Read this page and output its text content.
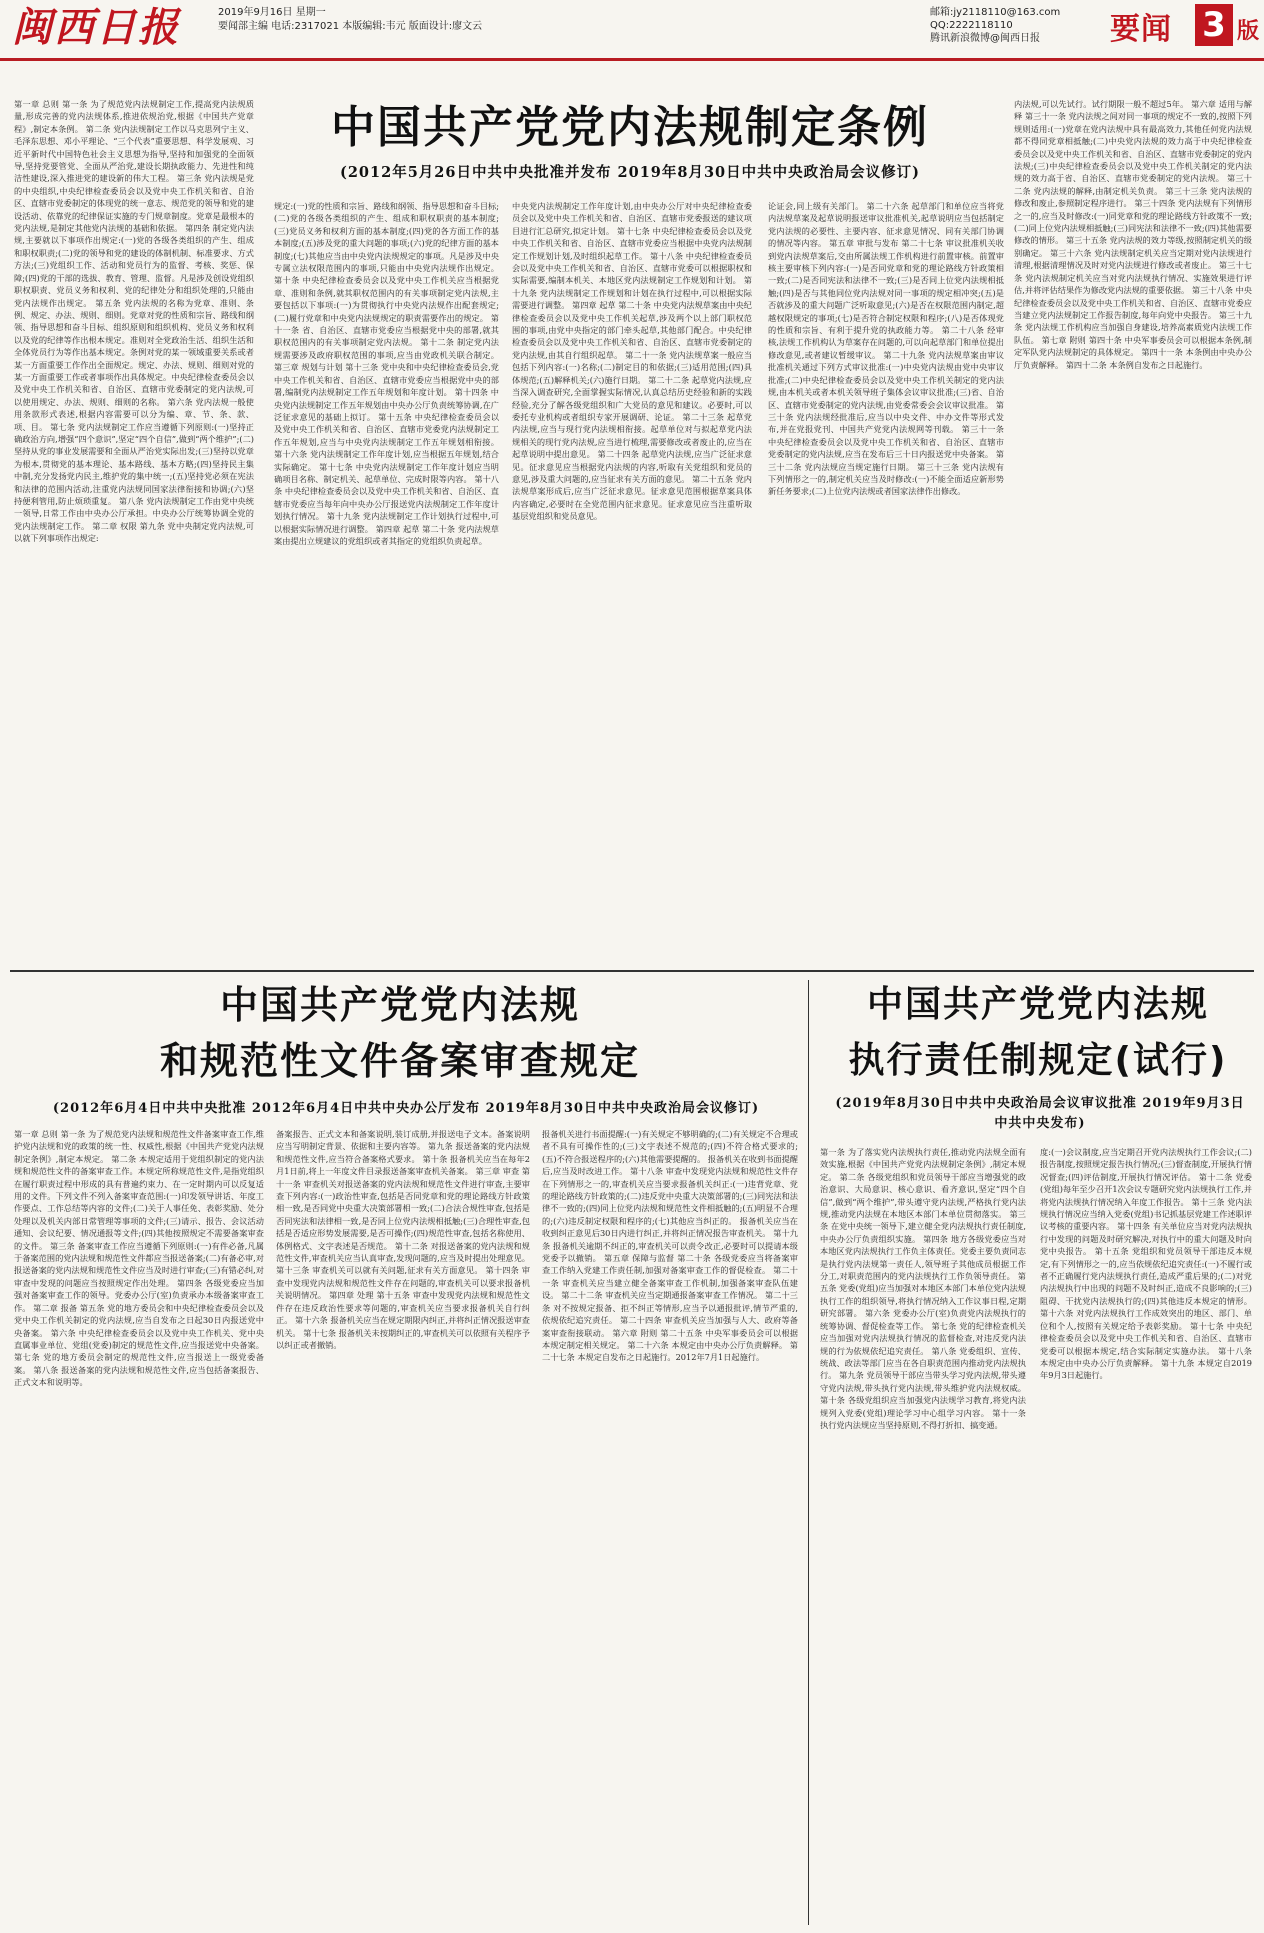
闽西日报	2019年9月16日 星期一
要闻部主编 电话:2317021 本版编辑:韦元 版面设计:廖文云
邮箱:jy2118110@163.com
QQ:2222118110
腾讯新浪微博@闽西日报	要闻 3 版
中国共产党党内法规制定条例
(2012年5月26日中共中央批准并发布 2019年8月30日中共中央政治局会议修订)
第一章 总则 第一条 为了规范党内法规制定工作,提高党内法规质量,形成完善的党内法规体系,推进依规治党,根据《中国共产党章程》,制定本条例。 第二条 党内法规制定工作以马克思列宁主义、毛泽东思想、邓小平理论、“三个代表”重要思想、科学发展观、习近平新时代中国特色社会主义思想为指导,坚持和加强党的全面领导,坚持党要管党、全面从严治党,建设长期执政能力、先进性和纯洁性建设,深入推进党的建设新的伟大工程。 第三条 党内法规是党的中央组织,中央纪律检查委员会以及党中央工作机关和省、自治区、直辖市党委制定的体现党的统一意志、规范党的领导和党的建设活动、依靠党的纪律保证实施的专门规章制度。党章是最根本的党内法规,是制定其他党内法规的基础和依据。 第四条 制定党内法规,主要就以下事项作出规定:(一)党的各级各类组织的产生、组成和职权职责;(二)党的领导和党的建设的体制机制、标准要求、方式方法;(三)党组织工作、活动和党员行为的监督、考核、奖惩、保障;(四)党的干部的选拔、教育、管理、监督。凡是涉及创设党组织职权职责、党员义务和权利、党的纪律处分和组织处理的,只能由党内法规作出规定。 第五条 党内法规的名称为党章、准则、条例、规定、办法、规则、细则。党章对党的性质和宗旨、路线和纲领、指导思想和奋斗目标、组织原则和组织机构、党员义务和权利以及党的纪律等作出根本规定。准则对全党政治生活、组织生活和全体党员行为等作出基本规定。条例对党的某一领域重要关系或者某一方面重要工作作出全面规定。规定、办法、规则、细则对党的某一方面重要工作或者事项作出具体规定。中央纪律检查委员会以及党中央工作机关和省、自治区、直辖市党委制定的党内法规,可以使用规定、办法、规则、细则的名称。 第六条 党内法规一般使用条款形式表述,根据内容需要可以分为编、章、节、条、款、项、目。 第七条 党内法规制定工作应当遵循下列原则:(一)坚持正确政治方向,增强“四个意识”,坚定“四个自信”,做到“两个维护”;(二)坚持从党的事业发展需要和全面从严治党实际出发;(三)坚持以党章为根本,贯彻党的基本理论、基本路线、基本方略;(四)坚持民主集中制,充分发扬党内民主,维护党的集中统一;(五)坚持党必须在宪法和法律的范围内活动,注重党内法规同国家法律衔接和协调;(六)坚持便利管用,防止烦琐重复。 第八条 党内法规制定工作由党中央统一领导,日常工作由中央办公厅承担。中央办公厅统筹协调全党的党内法规制定工作。 第二章 权限 第九条 党中央制定党内法规,可以就下列事项作出规定:
规定:(一)党的性质和宗旨、路线和纲领、指导思想和奋斗目标;(二)党的各级各类组织的产生、组成和职权职责的基本制度;(三)党员义务和权利方面的基本制度;(四)党的各方面工作的基本制度;(五)涉及党的重大问题的事项;(六)党的纪律方面的基本制度;(七)其他应当由中央党内法规规定的事项。凡是涉及中央专属立法权限范围内的事项,只能由中央党内法规作出规定。 第十条 中央纪律检查委员会以及党中央工作机关应当根据党章、准则和条例,就其职权范围内的有关事项制定党内法规,主要包括以下事项:(一)为贯彻执行中央党内法规作出配套规定;(二)履行党章和中央党内法规规定的职责需要作出的规定。 第十一条 省、自治区、直辖市党委应当根据党中央的部署,就其职权范围内的有关事项制定党内法规。 第十二条 制定党内法规需要涉及政府职权范围的事项,应当由党政机关联合制定。 第三章 规划与计划 第十三条 党中央和中央纪律检查委员会,党中央工作机关和省、自治区、直辖市党委应当根据党中央的部署,编制党内法规制定工作五年规划和年度计划。 第十四条 中央党内法规制定工作五年规划由中央办公厅负责统筹协调,在广泛征求意见的基础上拟订。 第十五条 中央纪律检查委员会以及党中央工作机关和省、自治区、直辖市党委党内法规制定工作五年规划,应当与中央党内法规制定工作五年规划相衔接。 第十六条 党内法规制定工作年度计划,应当根据五年规划,结合实际确定。 第十七条 中央党内法规制定工作年度计划应当明确项目名称、制定机关、起草单位、完成时限等内容。 第十八条 中央纪律检查委员会以及党中央工作机关和省、自治区、直辖市党委应当每年向中央办公厅报送党内法规制定工作年度计划执行情况。 第十九条 党内法规制定工作计划执行过程中,可以根据实际情况进行调整。 第四章 起草 第二十条 党内法规草案由提出立规建议的党组织或者其指定的党组织负责起草。
中央党内法规制定工作年度计划,由中央办公厅对中央纪律检查委员会以及党中央工作机关和省、自治区、直辖市党委报送的建议项目进行汇总研究,拟定计划。 第十七条 中央纪律检查委员会以及党中央工作机关和省、自治区、直辖市党委应当根据中央党内法规制定工作规划计划,及时组织起草工作。 第十八条 中央纪律检查委员会以及党中央工作机关和省、自治区、直辖市党委可以根据职权和实际需要,编制本机关、本地区党内法规制定工作规划和计划。 第十九条 党内法规制定工作规划和计划在执行过程中,可以根据实际需要进行调整。 第四章 起草 第二十条 中央党内法规草案由中央纪律检查委员会以及党中央工作机关起草,涉及两个以上部门职权范围的事项,由党中央指定的部门牵头起草,其他部门配合。中央纪律检查委员会以及党中央工作机关和省、自治区、直辖市党委制定的党内法规,由其自行组织起草。 第二十一条 党内法规草案一般应当包括下列内容:(一)名称;(二)制定目的和依据;(三)适用范围;(四)具体规范;(五)解释机关;(六)施行日期。 第二十二条 起草党内法规,应当深入调查研究,全面掌握实际情况,认真总结历史经验和新的实践经验,充分了解各级党组织和广大党员的意见和建议。必要时,可以委托专业机构或者组织专家开展调研、论证。 第二十三条 起草党内法规,应当与现行党内法规相衔接。起草单位对与拟起草党内法规相关的现行党内法规,应当进行梳理,需要修改或者废止的,应当在起草说明中提出意见。 第二十四条 起草党内法规,应当广泛征求意见。征求意见应当根据党内法规的内容,听取有关党组织和党员的意见,涉及重大问题的,应当征求有关方面的意见。 第二十五条 党内法规草案形成后,应当广泛征求意见。征求意见范围根据草案具体内容确定,必要时在全党范围内征求意见。征求意见应当注重听取基层党组织和党员意见。
论证会,同上级有关部门。 第二十六条 起草部门和单位应当将党内法规草案及起草说明报送审议批准机关,起草说明应当包括制定党内法规的必要性、主要内容、征求意见情况、同有关部门协调的情况等内容。 第五章 审批与发布 第二十七条 审议批准机关收到党内法规草案后,交由所属法规工作机构进行前置审核。前置审核主要审核下列内容:(一)是否同党章和党的理论路线方针政策相一致;(二)是否同宪法和法律不一致;(三)是否同上位党内法规相抵触;(四)是否与其他同位党内法规对同一事项的规定相冲突;(五)是否就涉及的重大问题广泛听取意见;(六)是否在权限范围内制定,超越权限规定的事项;(七)是否符合制定权限和程序;(八)是否体现党的性质和宗旨、有利于提升党的执政能力等。 第二十八条 经审核,法规工作机构认为草案存在问题的,可以向起草部门和单位提出修改意见,或者建议暂缓审议。 第二十九条 党内法规草案由审议批准机关通过下列方式审议批准:(一)中央党内法规由党中央审议批准;(二)中央纪律检查委员会以及党中央工作机关制定的党内法规,由本机关或者本机关领导班子集体会议审议批准;(三)省、自治区、直辖市党委制定的党内法规,由党委常委会会议审议批准。 第三十条 党内法规经批准后,应当以中央文件、中办文件等形式发布,并在党报党刊、中国共产党党内法规网等刊载。 第三十一条 中央纪律检查委员会以及党中央工作机关和省、自治区、直辖市党委制定的党内法规,应当在发布后三十日内报送党中央备案。 第三十二条 党内法规应当规定施行日期。 第三十三条 党内法规有下列情形之一的,制定机关应当及时修改:(一)不能全面适应新形势新任务要求;(二)上位党内法规或者国家法律作出修改。
内法规,可以先试行。试行期限一般不超过5年。 第六章 适用与解释 第三十一条 党内法规之间对同一事项的规定不一致的,按照下列规则适用:(一)党章在党内法规中具有最高效力,其他任何党内法规都不得同党章相抵触;(二)中央党内法规的效力高于中央纪律检查委员会以及党中央工作机关和省、自治区、直辖市党委制定的党内法规;(三)中央纪律检查委员会以及党中央工作机关制定的党内法规的效力高于省、自治区、直辖市党委制定的党内法规。 第三十二条 党内法规的解释,由制定机关负责。 第三十三条 党内法规的修改和废止,参照制定程序进行。 第三十四条 党内法规有下列情形之一的,应当及时修改:(一)同党章和党的理论路线方针政策不一致;(二)同上位党内法规相抵触;(三)同宪法和法律不一致;(四)其他需要修改的情形。 第三十五条 党内法规的效力等级,按照制定机关的级别确定。 第三十六条 党内法规制定机关应当定期对党内法规进行清理,根据清理情况及时对党内法规进行修改或者废止。 第三十七条 党内法规制定机关应当对党内法规执行情况、实施效果进行评估,并将评估结果作为修改党内法规的重要依据。 第三十八条 中央纪律检查委员会以及党中央工作机关和省、自治区、直辖市党委应当建立党内法规制定工作报告制度,每年向党中央报告。 第三十九条 党内法规工作机构应当加强自身建设,培养高素质党内法规工作队伍。 第七章 附则 第四十条 中央军事委员会可以根据本条例,制定军队党内法规制定的具体规定。 第四十一条 本条例由中央办公厅负责解释。 第四十二条 本条例自发布之日起施行。
中国共产党党内法规
和规范性文件备案审查规定
(2012年6月4日中共中央批准 2012年6月4日中共中央办公厅发布 2019年8月30日中共中央政治局会议修订)
第一章 总则 第一条 为了规范党内法规和规范性文件备案审查工作,维护党内法规和党的政策的统一性、权威性,根据《中国共产党党内法规制定条例》,制定本规定。 第二条 本规定适用于党组织制定的党内法规和规范性文件的备案审查工作。本规定所称规范性文件,是指党组织在履行职责过程中形成的具有普遍约束力、在一定时期内可以反复适用的文件。下列文件不列入备案审查范围:(一)印发领导讲话、年度工作要点、工作总结等内容的文件;(二)关于人事任免、表彰奖励、处分处理以及机关内部日常管理等事项的文件;(三)请示、报告、会议活动通知、会议纪要、情况通报等文件;(四)其他按照规定不需要备案审查的文件。 第三条 备案审查工作应当遵循下列原则:(一)有件必备,凡属于备案范围的党内法规和规范性文件都应当报送备案;(二)有备必审,对报送备案的党内法规和规范性文件应当及时进行审查;(三)有错必纠,对审查中发现的问题应当按照规定作出处理。 第四条 各级党委应当加强对备案审查工作的领导。党委办公厅(室)负责承办本级备案审查工作。 第二章 报备 第五条 党的地方委员会和中央纪律检查委员会以及党中央工作机关制定的党内法规,应当自发布之日起30日内报送党中央备案。 第六条 中央纪律检查委员会以及党中央工作机关、党中央直属事业单位、党组(党委)制定的规范性文件,应当报送党中央备案。 第七条 党的地方委员会制定的规范性文件,应当报送上一级党委备案。 第八条 报送备案的党内法规和规范性文件,应当包括备案报告、正式文本和说明等。
备案报告、正式文本和备案说明,装订成册,并报送电子文本。备案说明应当写明制定背景、依据和主要内容等。 第九条 报送备案的党内法规和规范性文件,应当符合备案格式要求。 第十条 报备机关应当在每年2月1日前,将上一年度文件目录报送备案审查机关备案。 第三章 审查 第十一条 审查机关对报送备案的党内法规和规范性文件进行审查,主要审查下列内容:(一)政治性审查,包括是否同党章和党的理论路线方针政策相一致,是否同党中央重大决策部署相一致;(二)合法合规性审查,包括是否同宪法和法律相一致,是否同上位党内法规相抵触;(三)合理性审查,包括是否适应形势发展需要,是否可操作;(四)规范性审查,包括名称使用、体例格式、文字表述是否规范。 第十二条 对报送备案的党内法规和规范性文件,审查机关应当认真审查,发现问题的,应当及时提出处理意见。 第十三条 审查机关可以就有关问题,征求有关方面意见。 第十四条 审查中发现党内法规和规范性文件存在问题的,审查机关可以要求报备机关说明情况。 第四章 处理 第十五条 审查中发现党内法规和规范性文件存在违反政治性要求等问题的,审查机关应当要求报备机关自行纠正。 第十六条 报备机关应当在规定期限内纠正,并将纠正情况报送审查机关。 第十七条 报备机关未按期纠正的,审查机关可以依照有关程序予以纠正或者撤销。
报备机关进行书面提醒:(一)有关规定不够明确的;(二)有关规定不合理或者不具有可操作性的;(三)文字表述不规范的;(四)不符合格式要求的;(五)不符合报送程序的;(六)其他需要提醒的。 报备机关在收到书面提醒后,应当及时改进工作。 第十八条 审查中发现党内法规和规范性文件存在下列情形之一的,审查机关应当要求报备机关纠正:(一)违背党章、党的理论路线方针政策的;(二)违反党中央重大决策部署的;(三)同宪法和法律不一致的;(四)同上位党内法规和规范性文件相抵触的;(五)明显不合理的;(六)违反制定权限和程序的;(七)其他应当纠正的。 报备机关应当在收到纠正意见后30日内进行纠正,并将纠正情况报告审查机关。 第十九条 报备机关逾期不纠正的,审查机关可以责令改正,必要时可以提请本级党委予以撤销。 第五章 保障与监督 第二十条 各级党委应当将备案审查工作纳入党建工作责任制,加强对备案审查工作的督促检查。 第二十一条 审查机关应当建立健全备案审查工作机制,加强备案审查队伍建设。 第二十二条 审查机关应当定期通报备案审查工作情况。 第二十三条 对不按规定报备、拒不纠正等情形,应当予以通报批评,情节严重的,依规依纪追究责任。 第二十四条 审查机关应当加强与人大、政府等备案审查衔接联动。 第六章 附则 第二十五条 中央军事委员会可以根据本规定制定相关规定。 第二十六条 本规定由中央办公厅负责解释。 第二十七条 本规定自发布之日起施行。2012年7月1日起施行。
中国共产党党内法规
执行责任制规定(试行)
(2019年8月30日中共中央政治局会议审议批准 2019年9月3日中共中央发布)
第一条 为了落实党内法规执行责任,推动党内法规全面有效实施,根据《中国共产党党内法规制定条例》,制定本规定。 第二条 各级党组织和党员领导干部应当增强党的政治意识、大局意识、核心意识、看齐意识,坚定“四个自信”,做到“两个维护”,带头遵守党内法规,严格执行党内法规,推动党内法规在本地区本部门本单位贯彻落实。 第三条 在党中央统一领导下,建立健全党内法规执行责任制度,中央办公厅负责组织实施。 第四条 地方各级党委应当对本地区党内法规执行工作负主体责任。党委主要负责同志是执行党内法规第一责任人,领导班子其他成员根据工作分工,对职责范围内的党内法规执行工作负领导责任。 第五条 党委(党组)应当加强对本地区本部门本单位党内法规执行工作的组织领导,将执行情况纳入工作议事日程,定期研究部署。 第六条 党委办公厅(室)负责党内法规执行的统筹协调、督促检查等工作。 第七条 党的纪律检查机关应当加强对党内法规执行情况的监督检查,对违反党内法规的行为依规依纪追究责任。 第八条 党委组织、宣传、统战、政法等部门应当在各自职责范围内推动党内法规执行。 第九条 党员领导干部应当带头学习党内法规,带头遵守党内法规,带头执行党内法规,带头维护党内法规权威。 第十条 各级党组织应当加强党内法规学习教育,将党内法规列入党委(党组)理论学习中心组学习内容。 第十一条 执行党内法规应当坚持原则,不得打折扣、搞变通。
度:(一)会议制度,应当定期召开党内法规执行工作会议;(二)报告制度,按照规定报告执行情况;(三)督查制度,开展执行情况督查;(四)评估制度,开展执行情况评估。 第十二条 党委(党组)每年至少召开1次会议专题研究党内法规执行工作,并将党内法规执行情况纳入年度工作报告。 第十三条 党内法规执行情况应当纳入党委(党组)书记抓基层党建工作述职评议考核的重要内容。 第十四条 有关单位应当对党内法规执行中发现的问题及时研究解决,对执行中的重大问题及时向党中央报告。 第十五条 党组织和党员领导干部违反本规定,有下列情形之一的,应当依规依纪追究责任:(一)不履行或者不正确履行党内法规执行责任,造成严重后果的;(二)对党内法规执行中出现的问题不及时纠正,造成不良影响的;(三)阻碍、干扰党内法规执行的;(四)其他违反本规定的情形。 第十六条 对党内法规执行工作成效突出的地区、部门、单位和个人,按照有关规定给予表彰奖励。 第十七条 中央纪律检查委员会以及党中央工作机关和省、自治区、直辖市党委可以根据本规定,结合实际制定实施办法。 第十八条 本规定由中央办公厅负责解释。 第十九条 本规定自2019年9月3日起施行。
